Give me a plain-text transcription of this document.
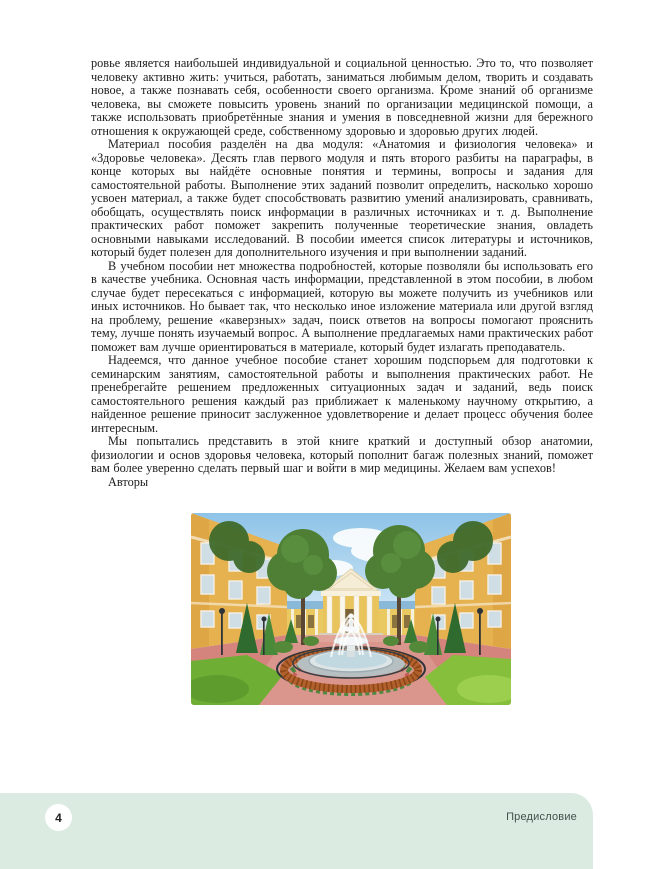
ровье является наибольшей индивидуальной и социальной ценностью. Это то, что позволяет человеку активно жить: учиться, работать, заниматься любимым делом, творить и создавать новое, а также познавать себя, особенности своего организма. Кроме знаний об организме человека, вы сможете повысить уровень знаний по организации медицинской помощи, а также использовать приобретённые знания и умения в повседневной жизни для бережного отношения к окружающей среде, собственному здоровью и здоровью других людей.

Материал пособия разделён на два модуля: «Анатомия и физиология человека» и «Здоровье человека». Десять глав первого модуля и пять второго разбиты на параграфы, в конце которых вы найдёте основные понятия и термины, вопросы и задания для самостоятельной работы. Выполнение этих заданий позволит определить, насколько хорошо усвоен материал, а также будет способствовать развитию умений анализировать, сравнивать, обобщать, осуществлять поиск информации в различных источниках и т. д. Выполнение практических работ поможет закрепить полученные теоретические знания, овладеть основными навыками исследований. В пособии имеется список литературы и источников, который будет полезен для дополнительного изучения и при выполнении заданий.

В учебном пособии нет множества подробностей, которые позволяли бы использовать его в качестве учебника. Основная часть информации, представленной в этом пособии, в любом случае будет пересекаться с информацией, которую вы можете получить из учебников или иных источников. Но бывает так, что несколько иное изложение материала или другой взгляд на проблему, решение «каверзных» задач, поиск ответов на вопросы помогают прояснить тему, лучше понять изучаемый вопрос. А выполнение предлагаемых нами практических работ поможет вам лучше ориентироваться в материале, который будет излагать преподаватель.

Надеемся, что данное учебное пособие станет хорошим подспорьем для подготовки к семинарским занятиям, самостоятельной работы и выполнения практических работ. Не пренебрегайте решением предложенных ситуационных задач и заданий, ведь поиск самостоятельного решения каждый раз приближает к маленькому научному открытию, а найденное решение приносит заслуженное удовлетворение и делает процесс обучения более интересным.

Мы попытались представить в этой книге краткий и доступный обзор анатомии, физиологии и основ здоровья человека, который пополнит багаж полезных знаний, поможет вам более уверенно сделать первый шаг и войти в мир медицины. Желаем вам успехов!

Авторы

4	Предисловие
